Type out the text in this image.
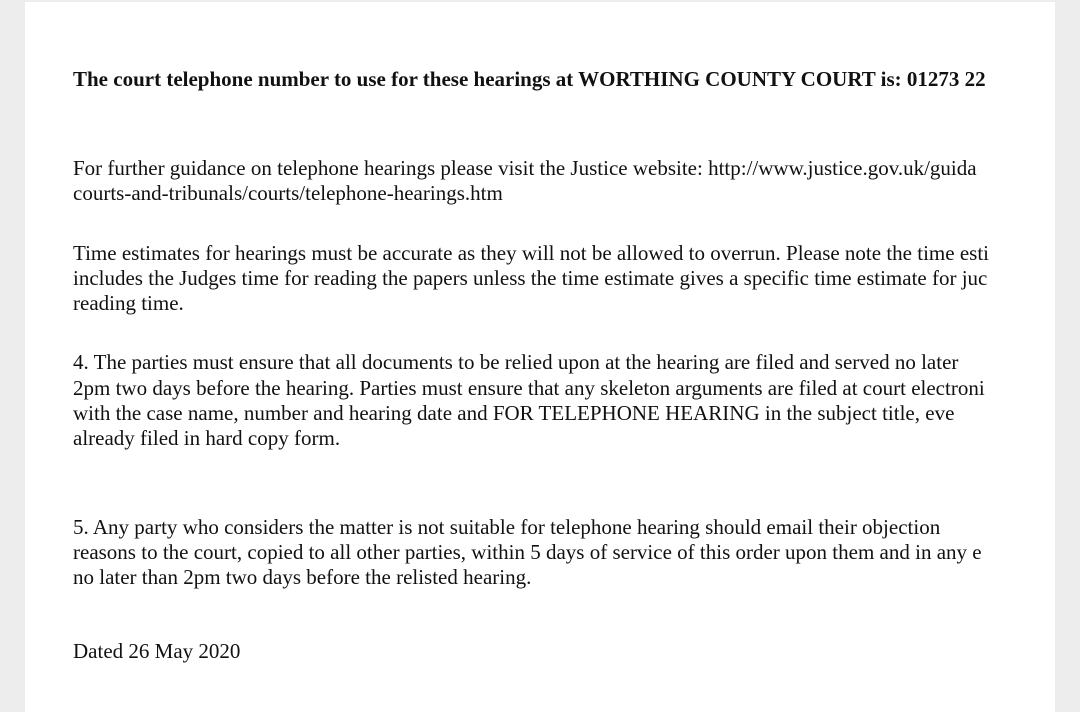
The court telephone number to use for these hearings at WORTHING COUNTY COURT is: 01273 22
For further guidance on telephone hearings please visit the Justice website: http://www.justice.gov.uk/guida
courts-and-tribunals/courts/telephone-hearings.htm
Time estimates for hearings must be accurate as they will not be allowed to overrun. Please note the time esti
includes the Judges time for reading the papers unless the time estimate gives a specific time estimate for juc
reading time.
4. The parties must ensure that all documents to be relied upon at the hearing are filed and served no later
2pm two days before the hearing. Parties must ensure that any skeleton arguments are filed at court electroni
with the case name, number and hearing date and FOR TELEPHONE HEARING in the subject title, eve
already filed in hard copy form.
5. Any party who considers the matter is not suitable for telephone hearing should email their objection
reasons to the court, copied to all other parties, within 5 days of service of this order upon them and in any e
no later than 2pm two days before the relisted hearing.
Dated 26 May 2020
